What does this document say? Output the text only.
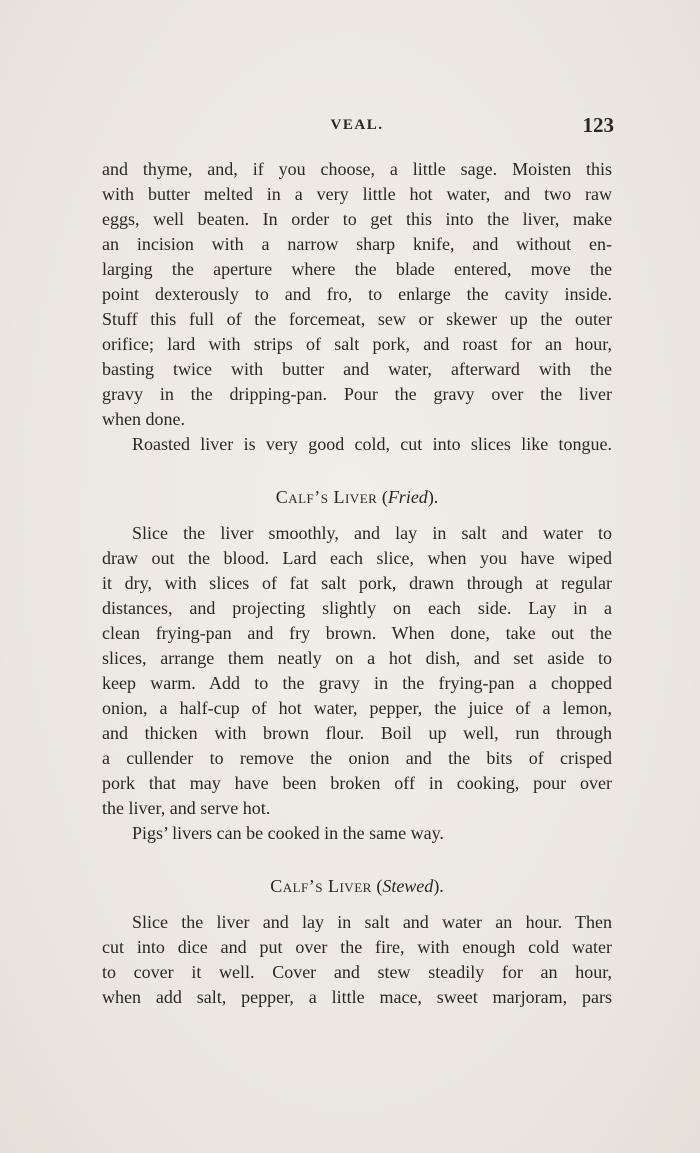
VEAL.	123
and thyme, and, if you choose, a little sage. Moisten this
with butter melted in a very little hot water, and two raw
eggs, well beaten. In order to get this into the liver, make
an incision with a narrow sharp knife, and without en-
larging the aperture where the blade entered, move the
point dexterously to and fro, to enlarge the cavity inside.
Stuff this full of the forcemeat, sew or skewer up the outer
orifice; lard with strips of salt pork, and roast for an hour,
basting twice with butter and water, afterward with the
gravy in the dripping-pan. Pour the gravy over the liver
when done.
Roasted liver is very good cold, cut into slices like tongue.
Calf’s Liver (Fried).
Slice the liver smoothly, and lay in salt and water to
draw out the blood. Lard each slice, when you have wiped
it dry, with slices of fat salt pork, drawn through at regular
distances, and projecting slightly on each side. Lay in a
clean frying-pan and fry brown. When done, take out the
slices, arrange them neatly on a hot dish, and set aside to
keep warm. Add to the gravy in the frying-pan a chopped
onion, a half-cup of hot water, pepper, the juice of a lemon,
and thicken with brown flour. Boil up well, run through
a cullender to remove the onion and the bits of crisped
pork that may have been broken off in cooking, pour over
the liver, and serve hot.
Pigs’ livers can be cooked in the same way.
Calf’s Liver (Stewed).
Slice the liver and lay in salt and water an hour. Then
cut into dice and put over the fire, with enough cold water
to cover it well. Cover and stew steadily for an hour,
when add salt, pepper, a little mace, sweet marjoram, pars
